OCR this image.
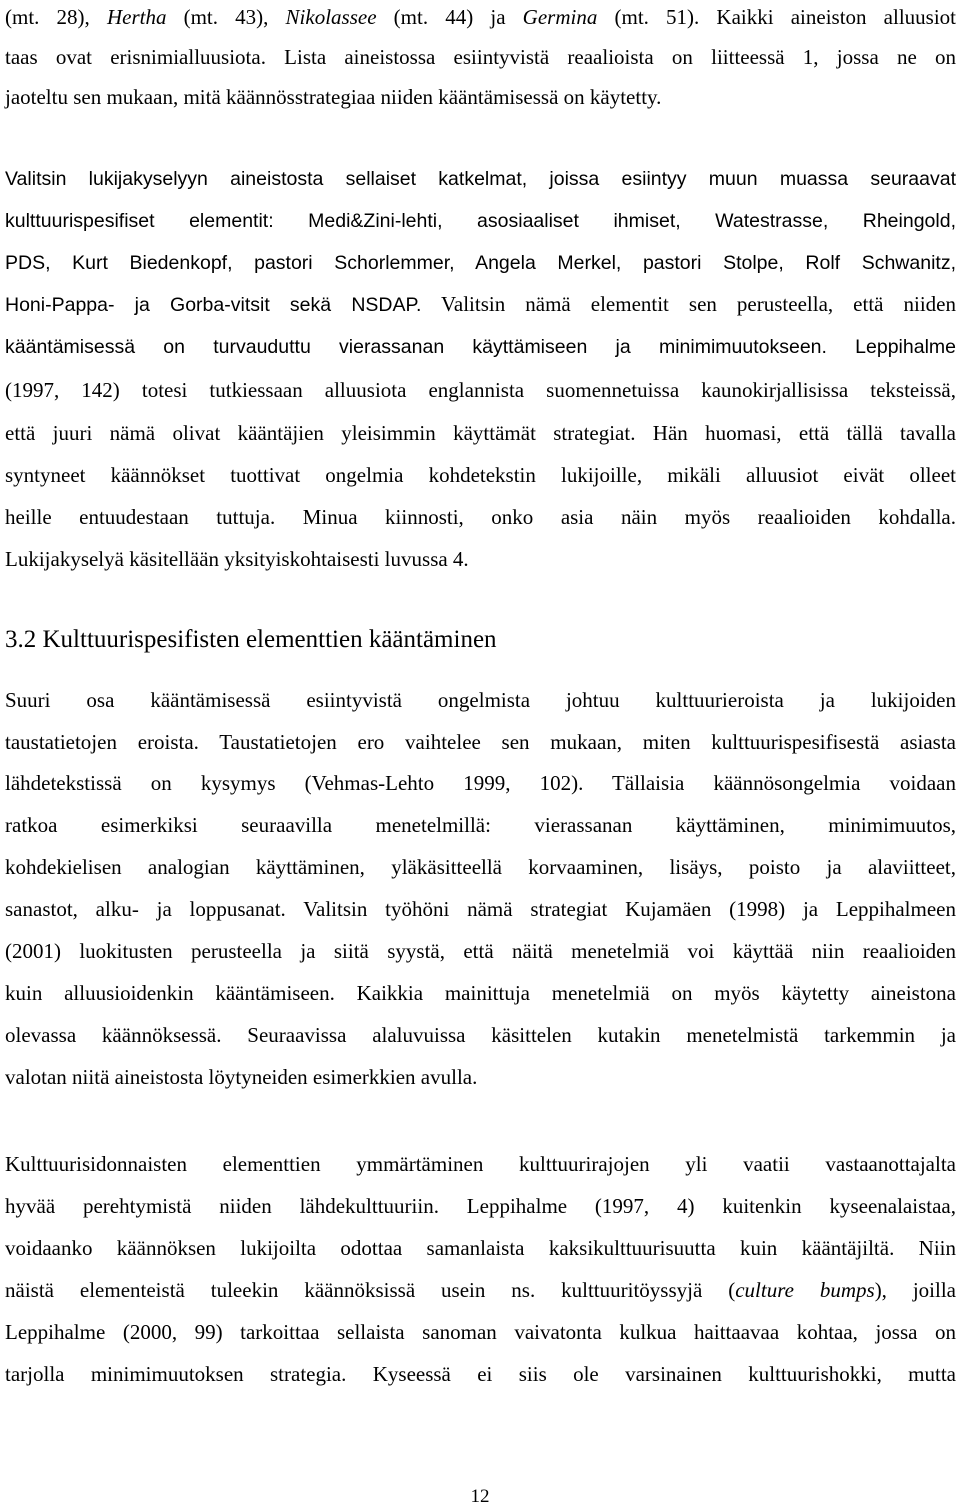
(mt. 28), Hertha (mt. 43), Nikolassee (mt. 44) ja Germina (mt. 51). Kaikki aineiston alluusiot
taas ovat erisnimialluusiota. Lista aineistossa esiintyvistä reaalioista on liitteessä 1, jossa ne on
jaoteltu sen mukaan, mitä käännösstrategiaa niiden kääntämisessä on käytetty.
Valitsin lukijakyselyyn aineistosta sellaiset katkelmat, joissa esiintyy muun muassa seuraavat
kulttuurispesifiset elementit: Medi&Zini-lehti, asosiaaliset ihmiset, Watestrasse, Rheingold,
PDS, Kurt Biedenkopf, pastori Schorlemmer, Angela Merkel, pastori Stolpe, Rolf Schwanitz,
Honi-Pappa- ja Gorba-vitsit sekä NSDAP. Valitsin nämä elementit sen perusteella, että niiden
kääntämisessä on turvauduttu vierassanan käyttämiseen ja minimimuutokseen. Leppihalme
(1997, 142) totesi tutkiessaan alluusiota englannista suomennetuissa kaunokirjallisissa teksteissä,
että juuri nämä olivat kääntäjien yleisimmin käyttämät strategiat. Hän huomasi, että tällä tavalla
syntyneet käännökset tuottivat ongelmia kohdetekstin lukijoille, mikäli alluusiot eivät olleet
heille entuudestaan tuttuja. Minua kiinnosti, onko asia näin myös reaalioiden kohdalla.
Lukijakyselyä käsitellään yksityiskohtaisesti luvussa 4.
3.2 Kulttuurispesifisten elementtien kääntäminen
Suuri osa kääntämisessä esiintyvistä ongelmista johtuu kulttuurieroista ja lukijoiden
taustatietojen eroista. Taustatietojen ero vaihtelee sen mukaan, miten kulttuurispesifisestä asiasta
lähdetekstissä on kysymys (Vehmas-Lehto 1999, 102). Tällaisia käännösongelmia voidaan
ratkoa esimerkiksi seuraavilla menetelmillä: vierassanan käyttäminen, minimimuutos,
kohdekielisen analogian käyttäminen, yläkäsitteellä korvaaminen, lisäys, poisto ja alaviitteet,
sanastot, alku- ja loppusanat. Valitsin työhöni nämä strategiat Kujamäen (1998) ja Leppihalmeen
(2001) luokitusten perusteella ja siitä syystä, että näitä menetelmiä voi käyttää niin reaalioiden
kuin alluusioidenkin kääntämiseen. Kaikkia mainittuja menetelmiä on myös käytetty aineistona
olevassa käännöksessä. Seuraavissa alaluvuissa käsittelen kutakin menetelmistä tarkemmin ja
valotan niitä aineistosta löytyneiden esimerkkien avulla.
Kulttuurisidonnaisten elementtien ymmärtäminen kulttuurirajojen yli vaatii vastaanottajalta
hyvää perehtymistä niiden lähdekulttuuriin. Leppihalme (1997, 4) kuitenkin kyseenalaistaa,
voidaanko käännöksen lukijoilta odottaa samanlaista kaksikulttuurisuutta kuin kääntäjiltä. Niin
näistä elementeistä tuleekin käännöksissä usein ns. kulttuuritöyssyjä (culture bumps), joilla
Leppihalme (2000, 99) tarkoittaa sellaista sanoman vaivatonta kulkua haittaavaa kohtaa, jossa on
tarjolla minimimuutoksen strategia. Kyseessä ei siis ole varsinainen kulttuurishokki, mutta
12
